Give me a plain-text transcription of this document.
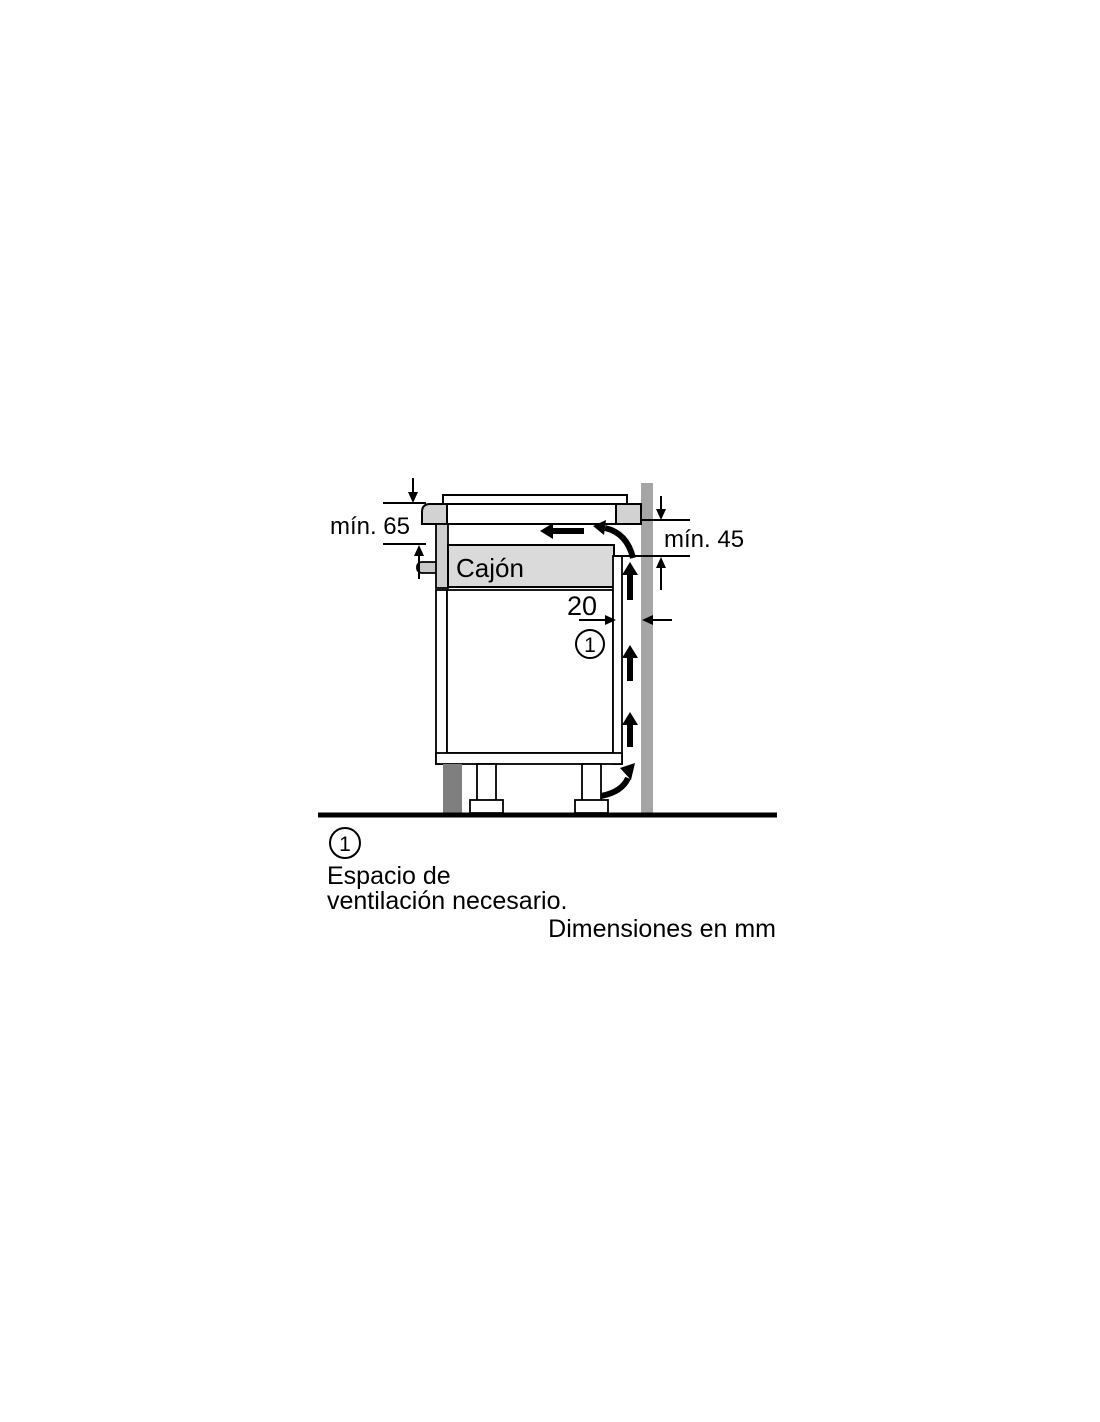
Cajón
mín. 65	mín. 45
20
1
1
Espacio de
ventilación necesario.
Dimensiones en mm
